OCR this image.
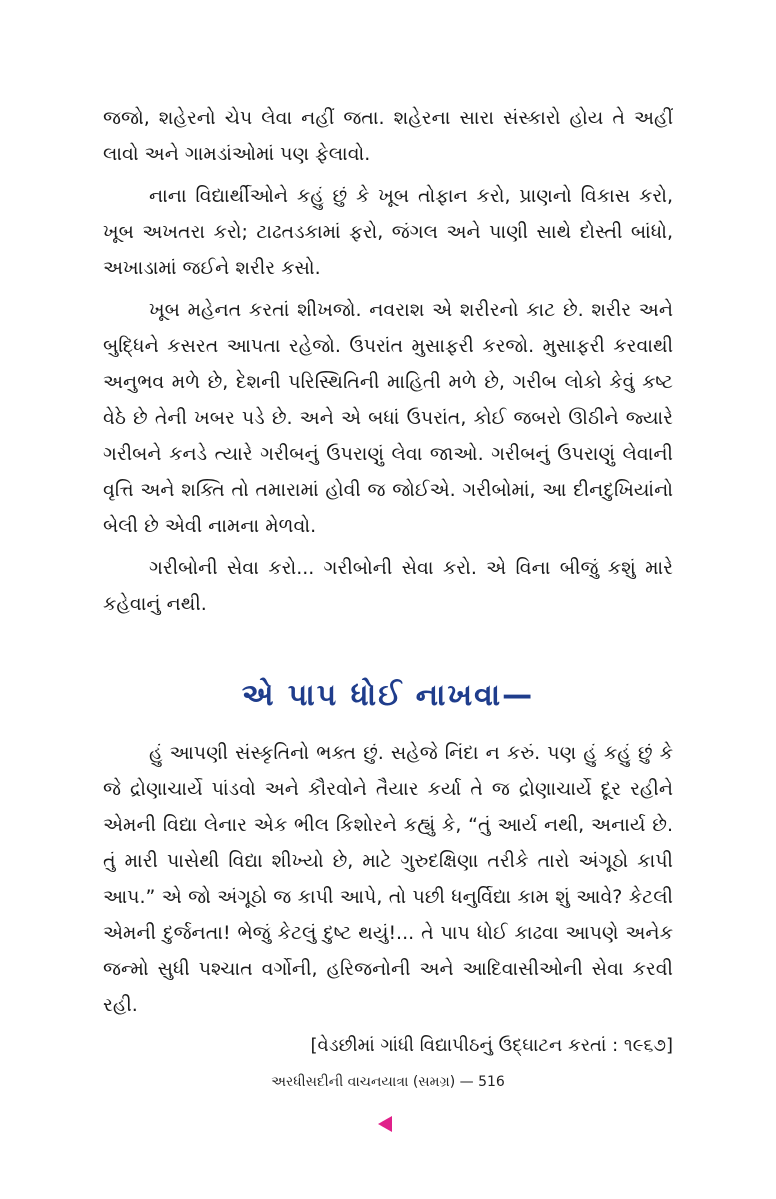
જજો, શહેરનો ચેપ લેવા નહીં જતા. શહેરના સારા સંસ્કારો હોય તે અહીં લાવો અને ગામડાંઓમાં પણ ફેલાવો.

નાના વિદ્યાર્થીઓને કહું છું કે ખૂબ તોફાન કરો, પ્રાણનો વિકાસ કરો, ખૂબ અખતરા કરો; ટાઢતડકામાં ફરો, જંગલ અને પાણી સાથે દોસ્તી બાંધો, અખાડામાં જઈને શરીર કસો.

ખૂબ મહેનત કરતાં શીખજો. નવરાશ એ શરીરનો કાટ છે. શરીર અને બુદ્ધિને કસરત આપતા રહેજો. ઉપરાંત મુસાફરી કરજો. મુસાફરી કરવાથી અનુભવ મળે છે, દેશની પરિસ્થિતિની માહિતી મળે છે, ગરીબ લોકો કેવું કષ્ટ વેઠે છે તેની ખબર પડે છે. અને એ બધાં ઉપરાંત, કોઈ જબરો ઊઠીને જ્યારે ગરીબને કનડે ત્યારે ગરીબનું ઉપરાણું લેવા જાઓ. ગરીબનું ઉપરાણું લેવાની વૃત્તિ અને શક્તિ તો તમારામાં હોવી જ જોઈએ. ગરીબોમાં, આ દીનદુખિયાંનો બેલી છે એવી નામના મેળવો.

ગરીબોની સેવા કરો... ગરીબોની સેવા કરો. એ વિના બીજું કશું મારે કહેવાનું નથી.

એ પાપ ધોઈ નાખવા—

હું આપણી સંસ્કૃતિનો ભક્ત છું. સહેજે નિંદા ન કરું. પણ હું કહું છું કે જે દ્રોણાચાર્યે પાંડવો અને કૌરવોને તૈયાર કર્યા તે જ દ્રોણાચાર્યે દૂર રહીને એમની વિદ્યા લેનાર એક ભીલ કિશોરને કહ્યું કે, “તું આર્ય નથી, અનાર્ય છે. તું મારી પાસેથી વિદ્યા શીખ્યો છે, માટે ગુરુદક્ષિણા તરીકે તારો અંગૂઠો કાપી આપ.” એ જો અંગૂઠો જ કાપી આપે, તો પછી ધનુર્વિદ્યા કામ શું આવે? કેટલી એમની દુર્જનતા! ભેજું કેટલું દુષ્ટ થયું!... તે પાપ ધોઈ કાઢવા આપણે અનેક જન્મો સુધી પશ્ચાત વર્ગોની, હરિજનોની અને આદિવાસીઓની સેવા કરવી રહી.

[વેડછીમાં ગાંધી વિદ્યાપીઠનું ઉદ્ઘાટન કરતાં : ૧૯૬૭]
અરધીસદીની વાચનયાત્રા (સમગ્ર) — 516
